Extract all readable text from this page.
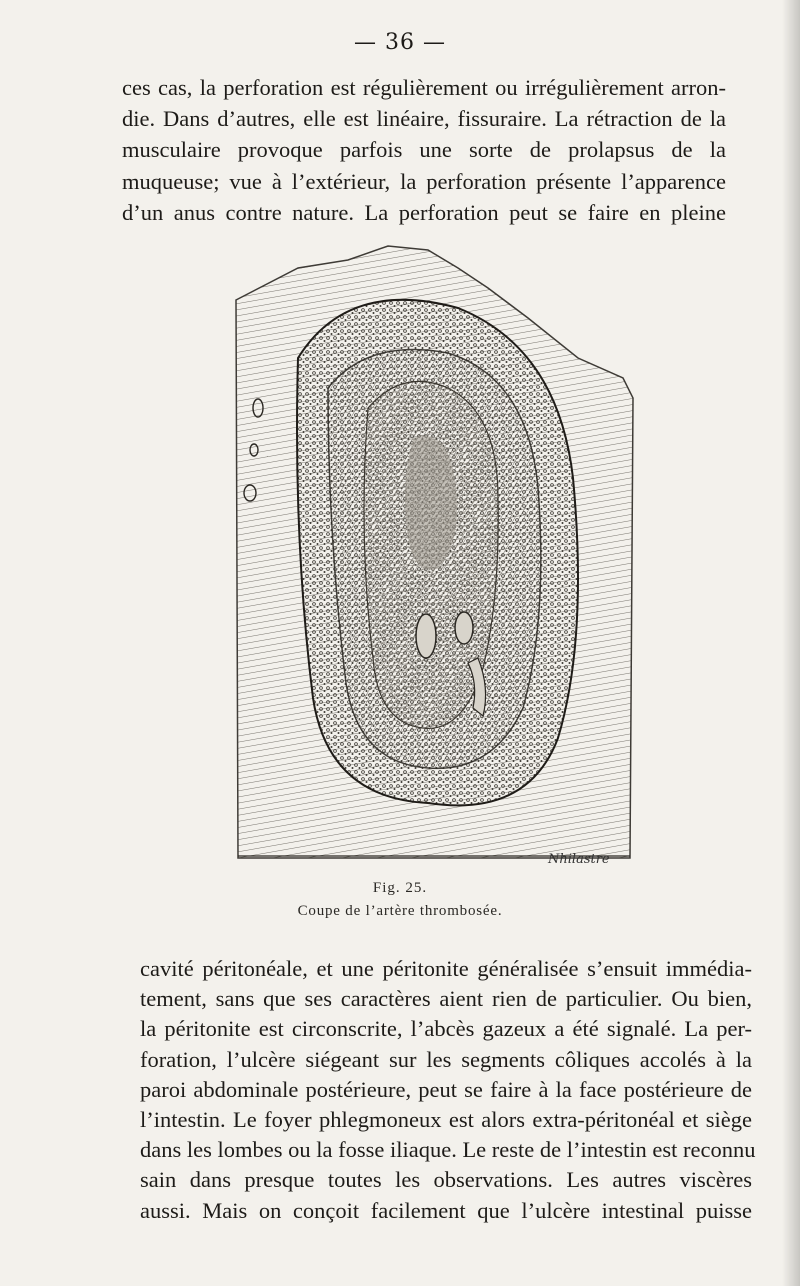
— 36 —

ces cas, la perforation est régulièrement ou irrégulièrement arron-
die. Dans d’autres, elle est linéaire, fissuraire. La rétraction de la
musculaire provoque parfois une sorte de prolapsus de la
muqueuse; vue à l’extérieur, la perforation présente l’apparence
d’un anus contre nature. La perforation peut se faire en pleine

Nhilastre
Fig. 25.
Coupe de l’artère thrombosée.

cavité péritonéale, et une péritonite généralisée s’ensuit immédia-
tement, sans que ses caractères aient rien de particulier. Ou bien,
la péritonite est circonscrite, l’abcès gazeux a été signalé. La per-
foration, l’ulcère siégeant sur les segments côliques accolés à la
paroi abdominale postérieure, peut se faire à la face postérieure de
l’intestin. Le foyer phlegmoneux est alors extra-péritonéal et siège
dans les lombes ou la fosse iliaque. Le reste de l’intestin est reconnu
sain dans presque toutes les observations. Les autres viscères
aussi. Mais on conçoit facilement que l’ulcère intestinal puisse
